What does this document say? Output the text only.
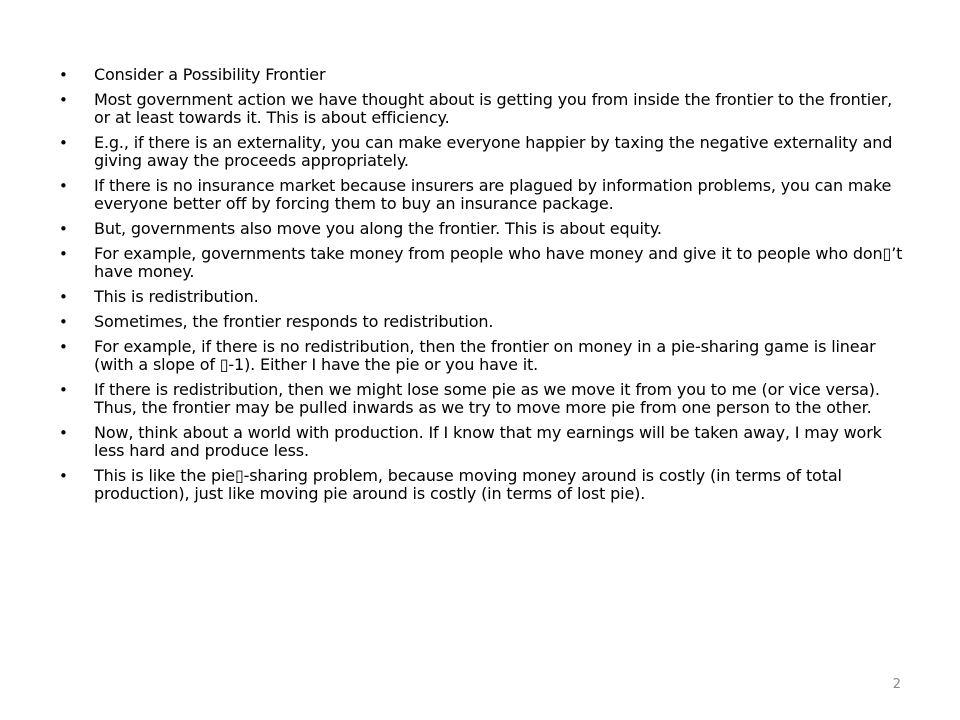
•	Consider a Possibility Frontier
•	Most government action we have thought about is getting you from inside the frontier to the frontier, or at least towards it. This is about efficiency.
•	E.g., if there is an externality, you can make everyone happier by taxing the negative externality and giving away the proceeds appropriately.
•	If there is no insurance market because insurers are plagued by information problems, you can make everyone better off by forcing them to buy an insurance package.
•	But, governments also move you along the frontier. This is about equity.
•	For example, governments take money from people who have money and give it to people who don▯’t have money.
•	This is redistribution.
•	Sometimes, the frontier responds to redistribution.
•	For example, if there is no redistribution, then the frontier on money in a pie-sharing game is linear (with a slope of ▯-1). Either I have the pie or you have it.
•	If there is redistribution, then we might lose some pie as we move it from you to me (or vice versa). Thus, the frontier may be pulled inwards as we try to move more pie from one person to the other.
•	Now, think about a world with production. If I know that my earnings will be taken away, I may work less hard and produce less.
•	This is like the pie▯-sharing problem, because moving money around is costly (in terms of total production), just like moving pie around is costly (in terms of lost pie).
2
